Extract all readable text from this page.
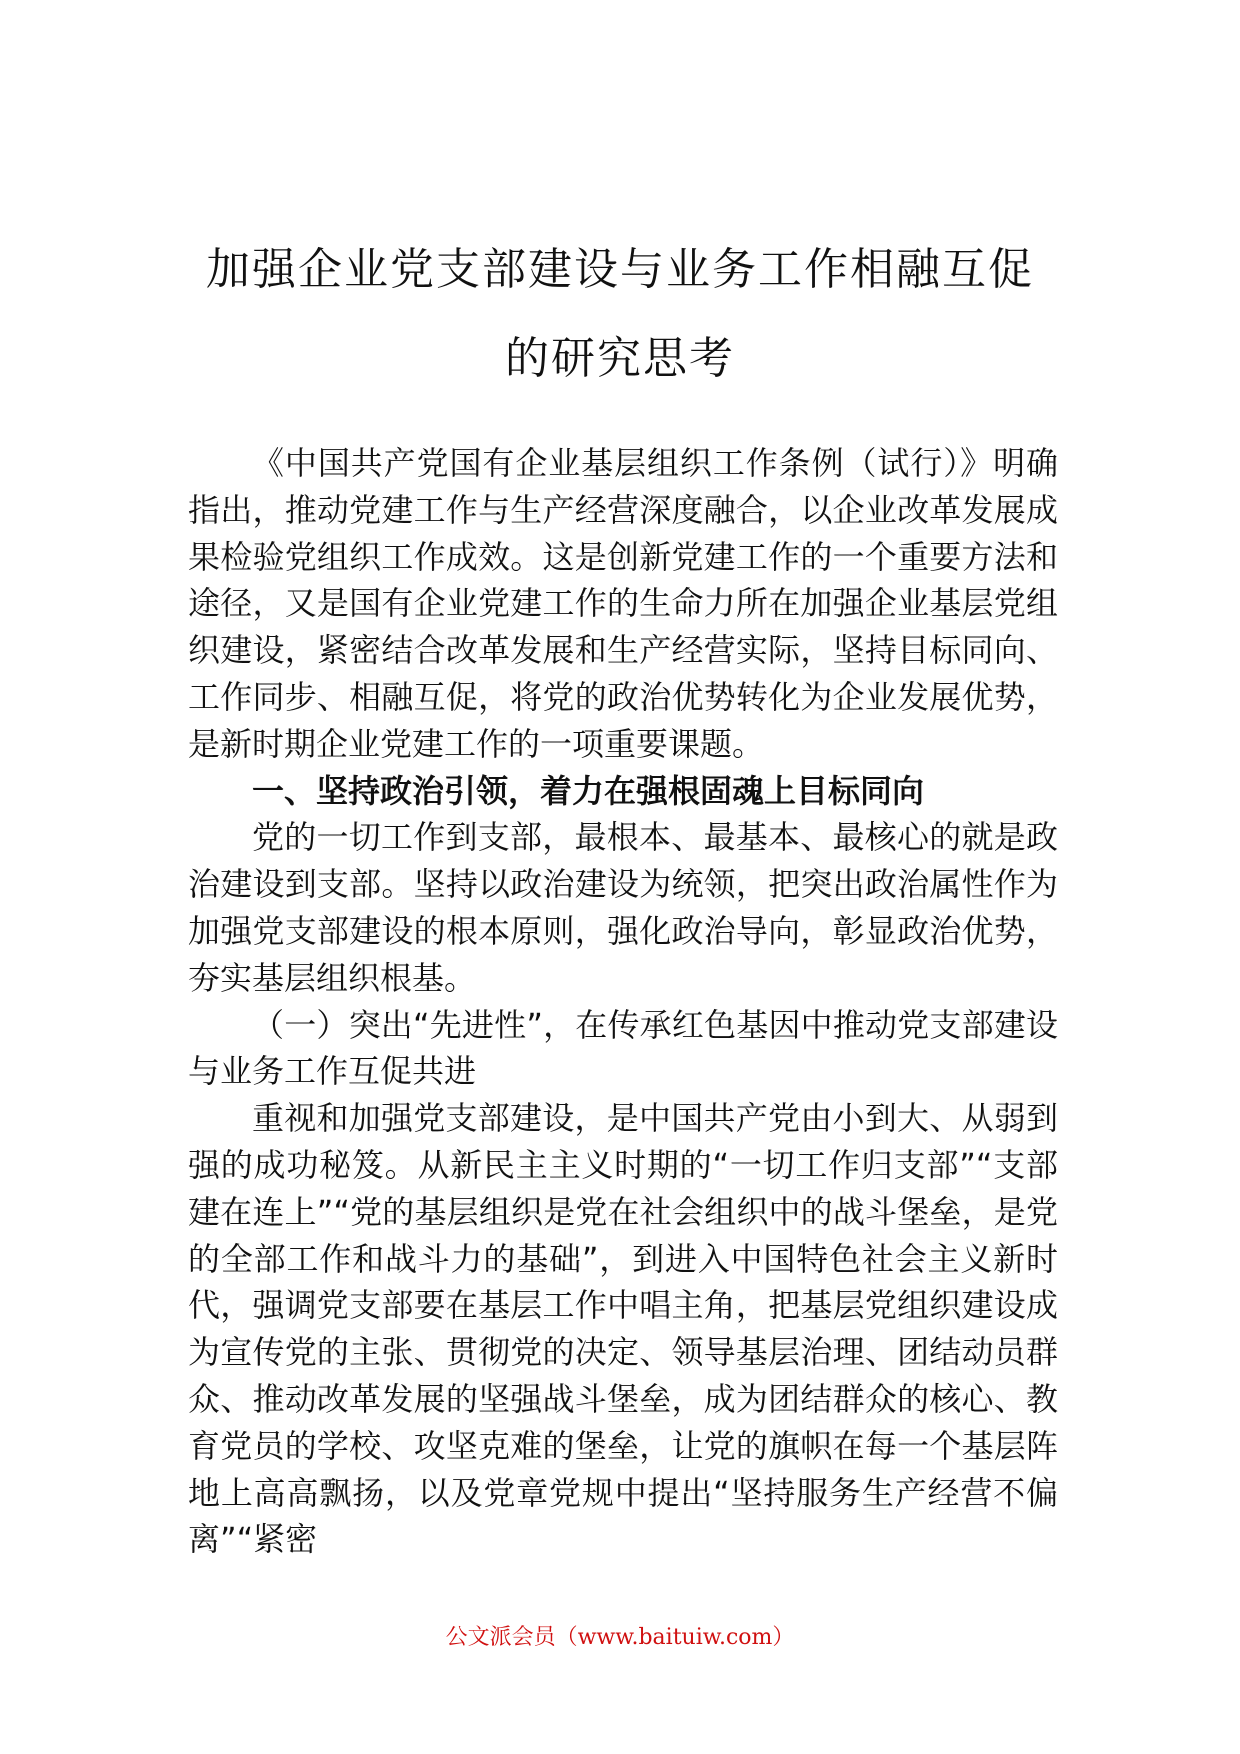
加强企业党支部建设与业务工作相融互促
的研究思考

《中国共产党国有企业基层组织工作条例（试行）》明确指出，推动党建工作与生产经营深度融合，以企业改革发展成果检验党组织工作成效。这是创新党建工作的一个重要方法和途径，又是国有企业党建工作的生命力所在加强企业基层党组织建设，紧密结合改革发展和生产经营实际，坚持目标同向、工作同步、相融互促，将党的政治优势转化为企业发展优势，是新时期企业党建工作的一项重要课题。

一、坚持政治引领，着力在强根固魂上目标同向

党的一切工作到支部，最根本、最基本、最核心的就是政治建设到支部。坚持以政治建设为统领，把突出政治属性作为加强党支部建设的根本原则，强化政治导向，彰显政治优势，夯实基层组织根基。

（一）突出“先进性”，在传承红色基因中推动党支部建设与业务工作互促共进

重视和加强党支部建设，是中国共产党由小到大、从弱到强的成功秘笈。从新民主主义时期的“一切工作归支部”“支部建在连上”“党的基层组织是党在社会组织中的战斗堡垒，是党的全部工作和战斗力的基础”，到进入中国特色社会主义新时代，强调党支部要在基层工作中唱主角，把基层党组织建设成为宣传党的主张、贯彻党的决定、领导基层治理、团结动员群众、推动改革发展的坚强战斗堡垒，成为团结群众的核心、教育党员的学校、攻坚克难的堡垒，让党的旗帜在每一个基层阵地上高高飘扬，以及党章党规中提出“坚持服务生产经营不偏离”“紧密

公文派会员（www.baituiw.com）
